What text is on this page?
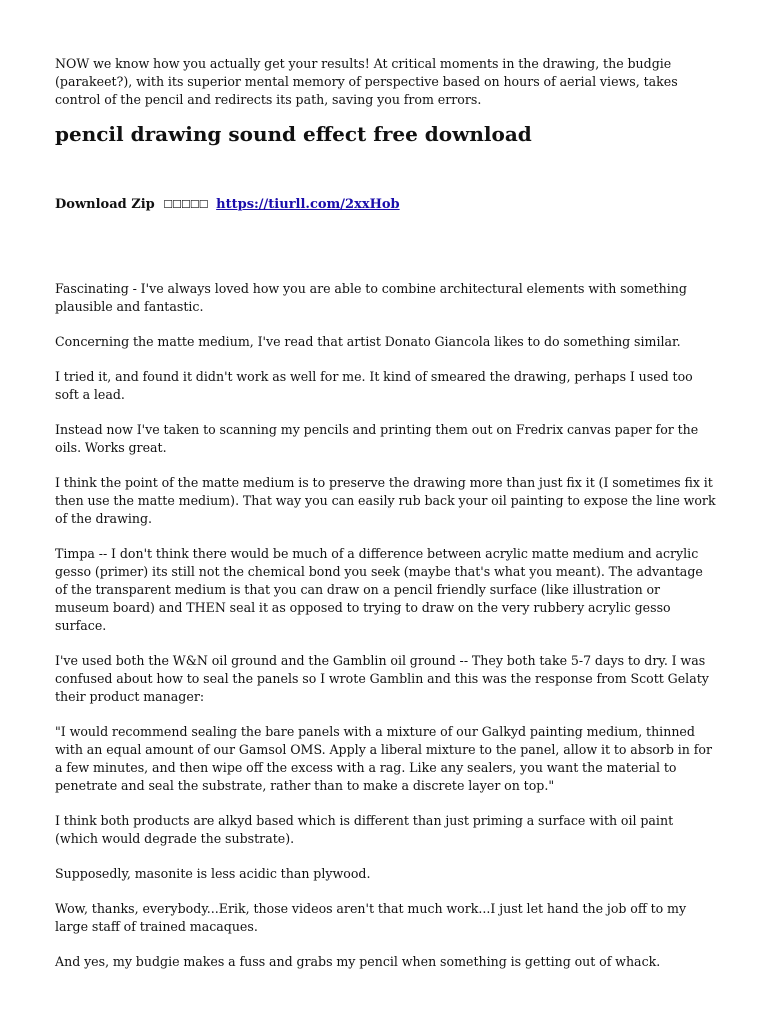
NOW we know how you actually get your results! At critical moments in the drawing, the budgie (parakeet?), with its superior mental memory of perspective based on hours of aerial views, takes control of the pencil and redirects its path, saving you from errors.

pencil drawing sound effect free download
Download Zip ☐☐☐☐☐ https://tiurll.com/2xxHob

Fascinating - I've always loved how you are able to combine architectural elements with something plausible and fantastic.

Concerning the matte medium, I've read that artist Donato Giancola likes to do something similar.

I tried it, and found it didn't work as well for me. It kind of smeared the drawing, perhaps I used too soft a lead.

Instead now I've taken to scanning my pencils and printing them out on Fredrix canvas paper for the oils. Works great.

I think the point of the matte medium is to preserve the drawing more than just fix it (I sometimes fix it then use the matte medium). That way you can easily rub back your oil painting to expose the line work of the drawing.

Timpa -- I don't think there would be much of a difference between acrylic matte medium and acrylic gesso (primer) its still not the chemical bond you seek (maybe that's what you meant). The advantage of the transparent medium is that you can draw on a pencil friendly surface (like illustration or museum board) and THEN seal it as opposed to trying to draw on the very rubbery acrylic gesso surface.

I've used both the W&N oil ground and the Gamblin oil ground -- They both take 5-7 days to dry. I was confused about how to seal the panels so I wrote Gamblin and this was the response from Scott Gelaty their product manager:

"I would recommend sealing the bare panels with a mixture of our Galkyd painting medium, thinned with an equal amount of our Gamsol OMS. Apply a liberal mixture to the panel, allow it to absorb in for a few minutes, and then wipe off the excess with a rag. Like any sealers, you want the material to penetrate and seal the substrate, rather than to make a discrete layer on top."

I think both products are alkyd based which is different than just priming a surface with oil paint (which would degrade the substrate).

Supposedly, masonite is less acidic than plywood.

Wow, thanks, everybody...Erik, those videos aren't that much work...I just let hand the job off to my large staff of trained macaques.

And yes, my budgie makes a fuss and grabs my pencil when something is getting out of whack.
